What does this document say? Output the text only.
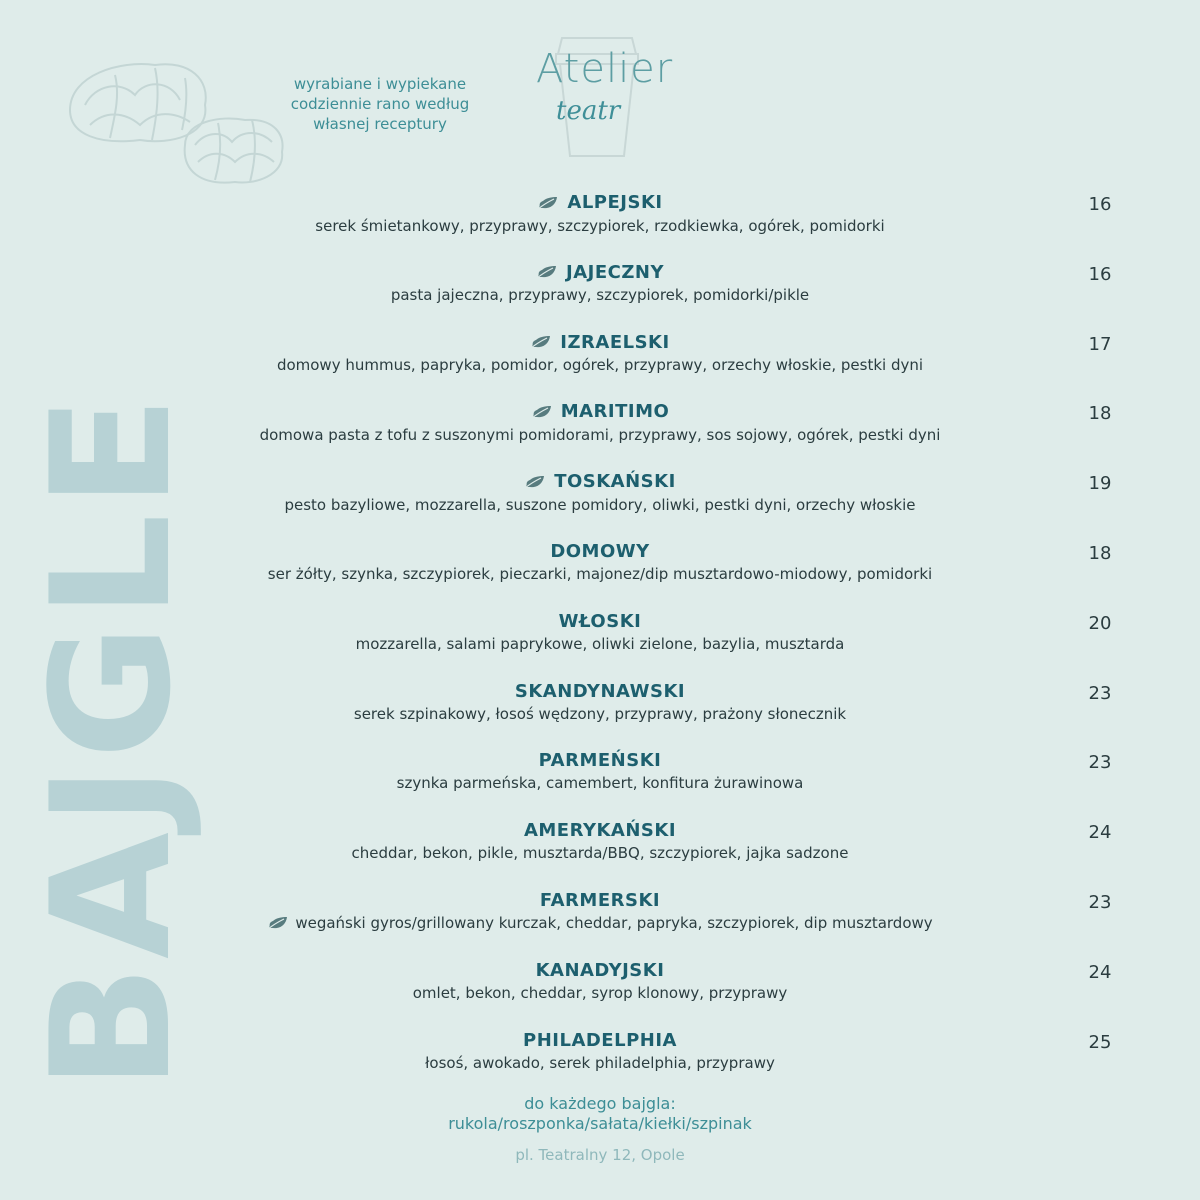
wyrabiane i wypiekane
codziennie rano według
własnej receptury
Atelier
teatr
BAJGLE
ALPEJSKI
serek śmietankowy, przyprawy, szczypiorek, rzodkiewka, ogórek, pomidorki
JAJECZNY
pasta jajeczna, przyprawy, szczypiorek, pomidorki/pikle
IZRAELSKI
domowy hummus, papryka, pomidor, ogórek, przyprawy, orzechy włoskie, pestki dyni
MARITIMO
domowa pasta z tofu z suszonymi pomidorami, przyprawy, sos sojowy, ogórek, pestki dyni
TOSKAŃSKI
pesto bazyliowe, mozzarella, suszone pomidory, oliwki, pestki dyni, orzechy włoskie
DOMOWY
ser żółty, szynka, szczypiorek, pieczarki, majonez/dip musztardowo-miodowy, pomidorki
WŁOSKI
mozzarella, salami paprykowe, oliwki zielone, bazylia, musztarda
SKANDYNAWSKI
serek szpinakowy, łosoś wędzony, przyprawy, prażony słonecznik
PARMEŃSKI
szynka parmeńska, camembert, konfitura żurawinowa
AMERYKAŃSKI
cheddar, bekon, pikle, musztarda/BBQ, szczypiorek, jajka sadzone
FARMERSKI
wegański gyros/grillowany kurczak, cheddar, papryka, szczypiorek, dip musztardowy
KANADYJSKI
omlet, bekon, cheddar, syrop klonowy, przyprawy
PHILADELPHIA
łosoś, awokado, serek philadelphia, przyprawy
do każdego bajgla:
rukola/roszponka/sałata/kiełki/szpinak
pl. Teatralny 12, Opole
16
16
17
18
19
18
20
23
23
24
23
24
25
